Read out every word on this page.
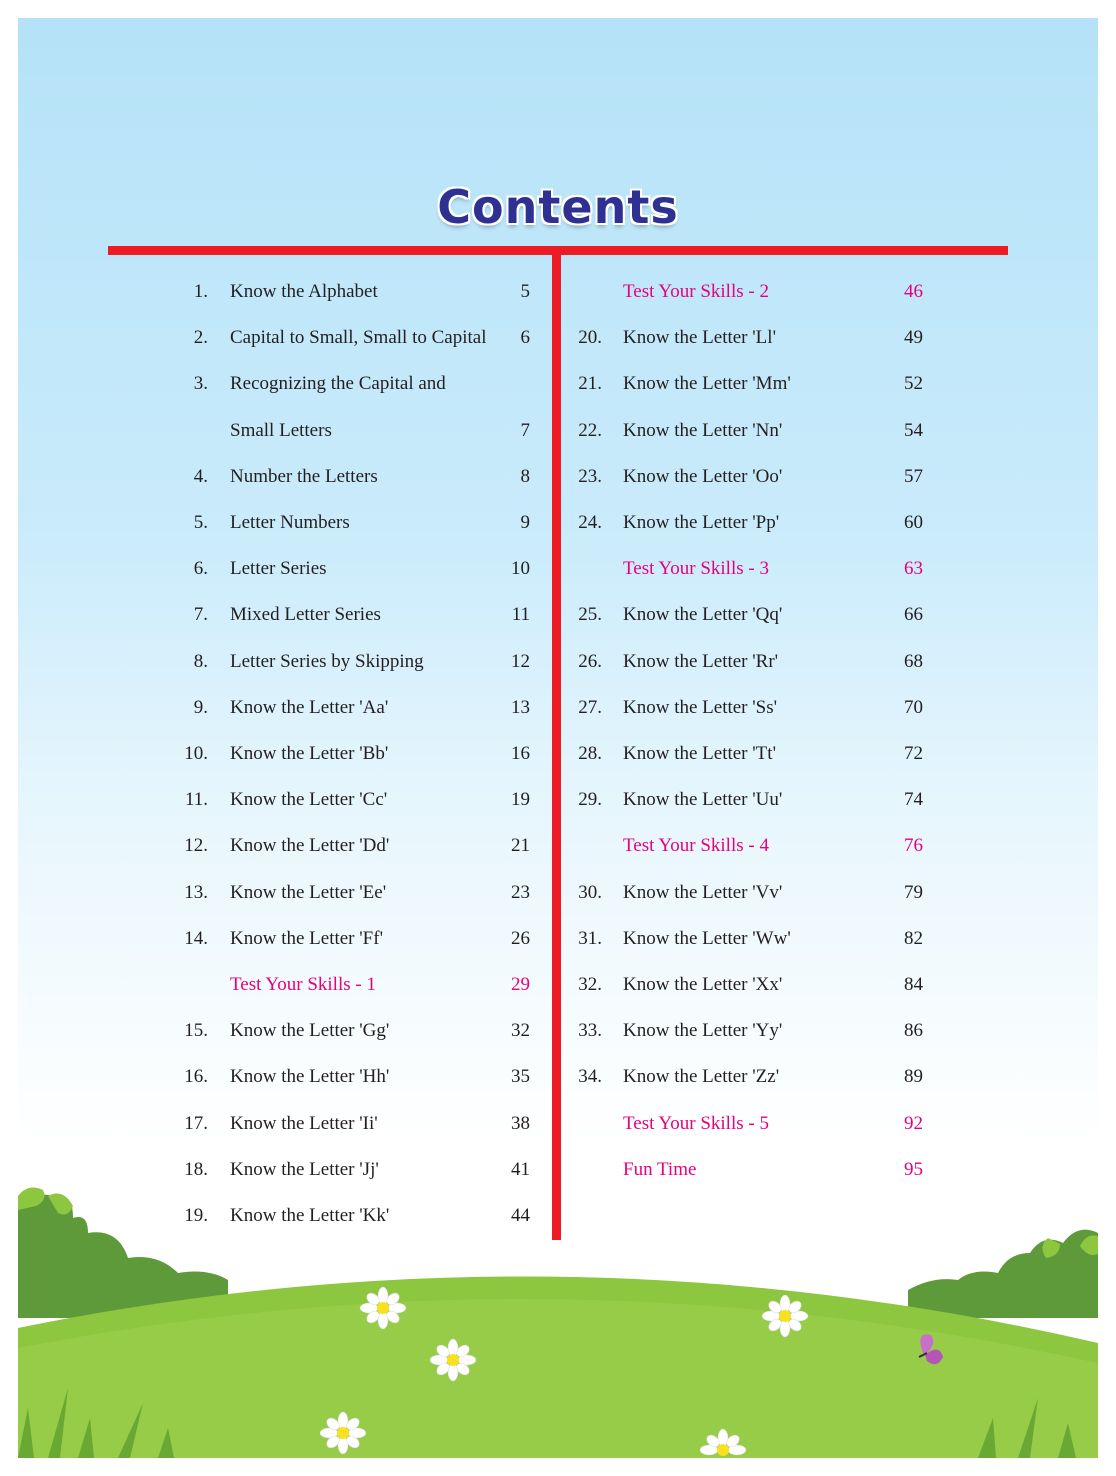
Contents
1. Know the Alphabet	5
2. Capital to Small, Small to Capital	6
3. Recognizing the Capital and
Small Letters	7
4. Number the Letters	8
5. Letter Numbers	9
6. Letter Series	10
7. Mixed Letter Series	11
8. Letter Series by Skipping	12
9. Know the Letter 'Aa'	13
10. Know the Letter 'Bb'	16
11. Know the Letter 'Cc'	19
12. Know the Letter 'Dd'	21
13. Know the Letter 'Ee'	23
14. Know the Letter 'Ff'	26
Test Your Skills - 1	29
15. Know the Letter 'Gg'	32
16. Know the Letter 'Hh'	35
17. Know the Letter 'Ii'	38
18. Know the Letter 'Jj'	41
19. Know the Letter 'Kk'	44
Test Your Skills - 2	46
20. Know the Letter 'Ll'	49
21. Know the Letter 'Mm'	52
22. Know the Letter 'Nn'	54
23. Know the Letter 'Oo'	57
24. Know the Letter 'Pp'	60
Test Your Skills - 3	63
25. Know the Letter 'Qq'	66
26. Know the Letter 'Rr'	68
27. Know the Letter 'Ss'	70
28. Know the Letter 'Tt'	72
29. Know the Letter 'Uu'	74
Test Your Skills - 4	76
30. Know the Letter 'Vv'	79
31. Know the Letter 'Ww'	82
32. Know the Letter 'Xx'	84
33. Know the Letter 'Yy'	86
34. Know the Letter 'Zz'	89
Test Your Skills - 5	92
Fun Time	95
